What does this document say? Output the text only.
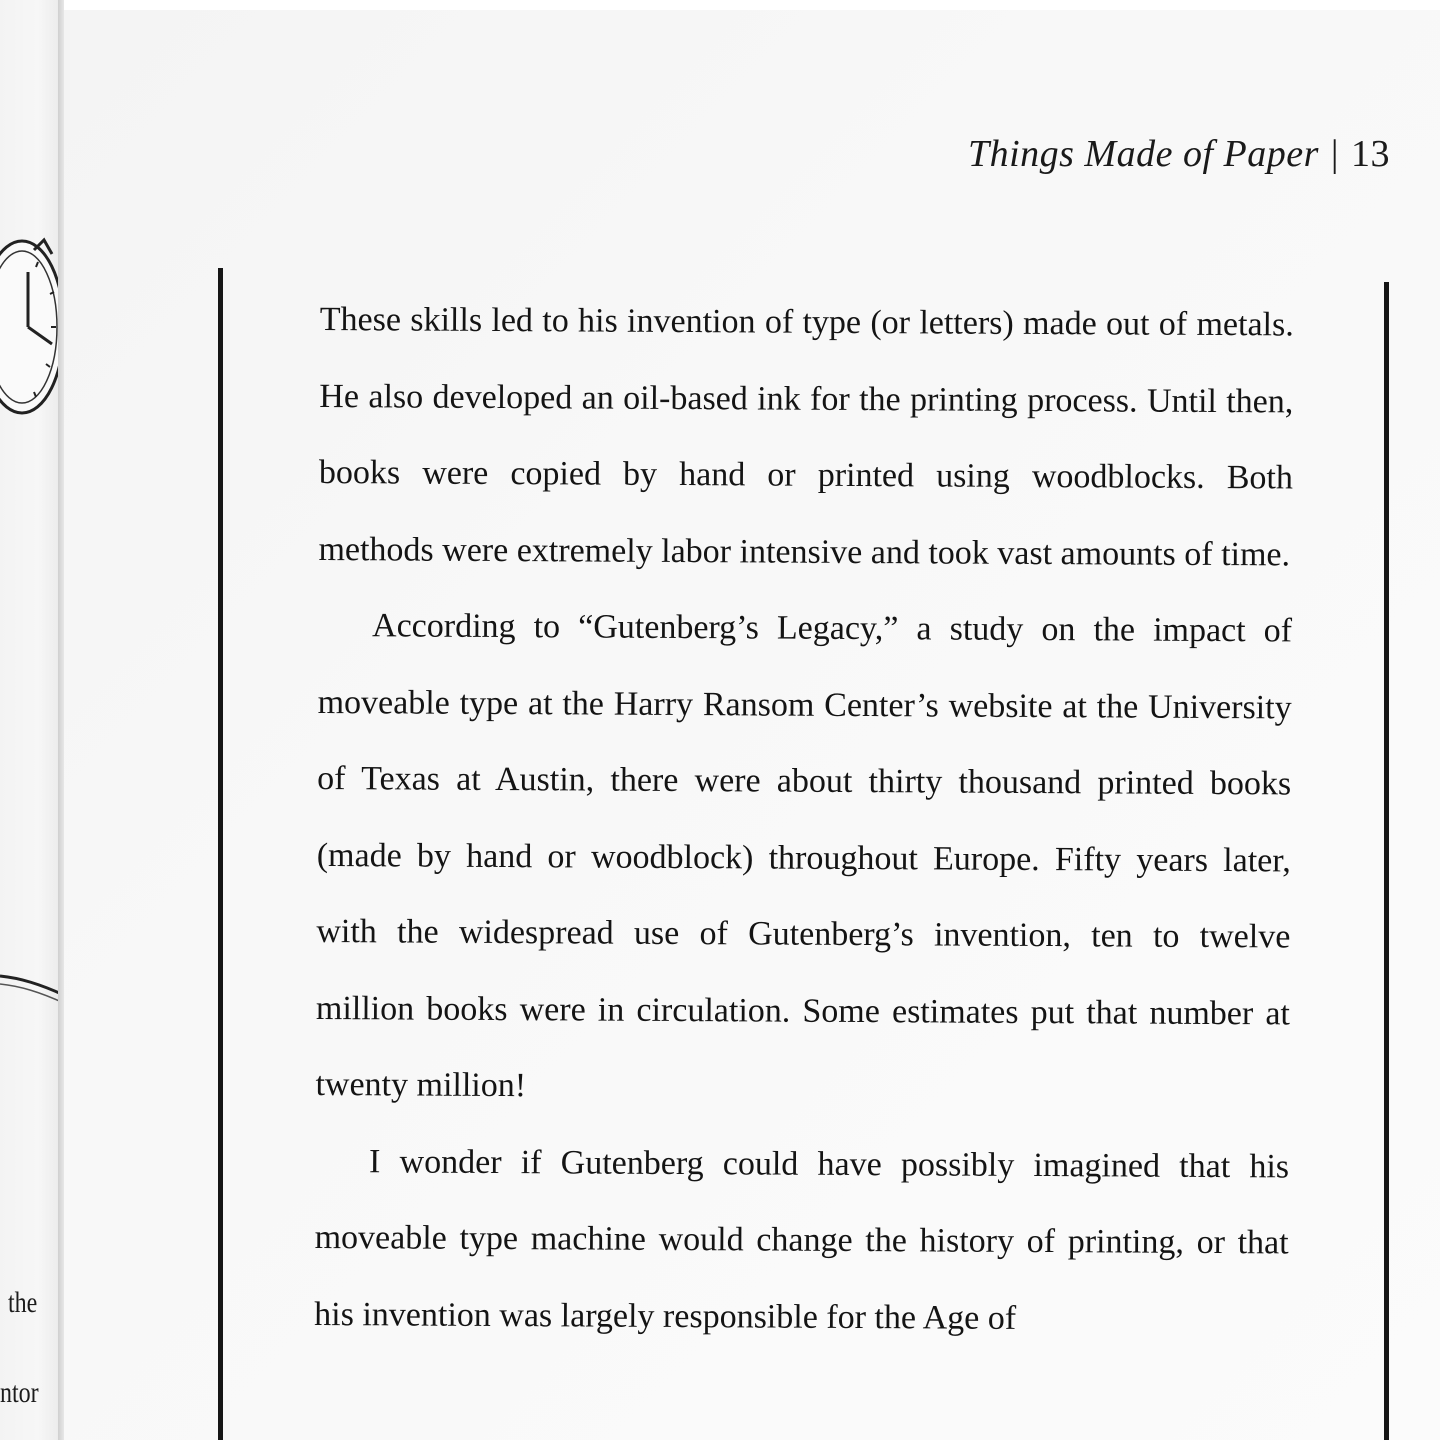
the
ntor
Things Made of Paper | 13

These skills led to his invention of type (or letters) made out of metals. He also developed an oil-based ink for the printing process. Until then, books were copied by hand or printed using woodblocks. Both methods were extremely labor intensive and took vast amounts of time.

According to “Gutenberg’s Legacy,” a study on the impact of moveable type at the Harry Ransom Center’s website at the University of Texas at Austin, there were about thirty thousand printed books (made by hand or woodblock) throughout Europe. Fifty years later, with the widespread use of Gutenberg’s invention, ten to twelve million books were in circulation. Some estimates put that number at twenty million!

I wonder if Gutenberg could have possibly imagined that his moveable type machine would change the history of printing, or that his invention was largely responsible for the Age of
